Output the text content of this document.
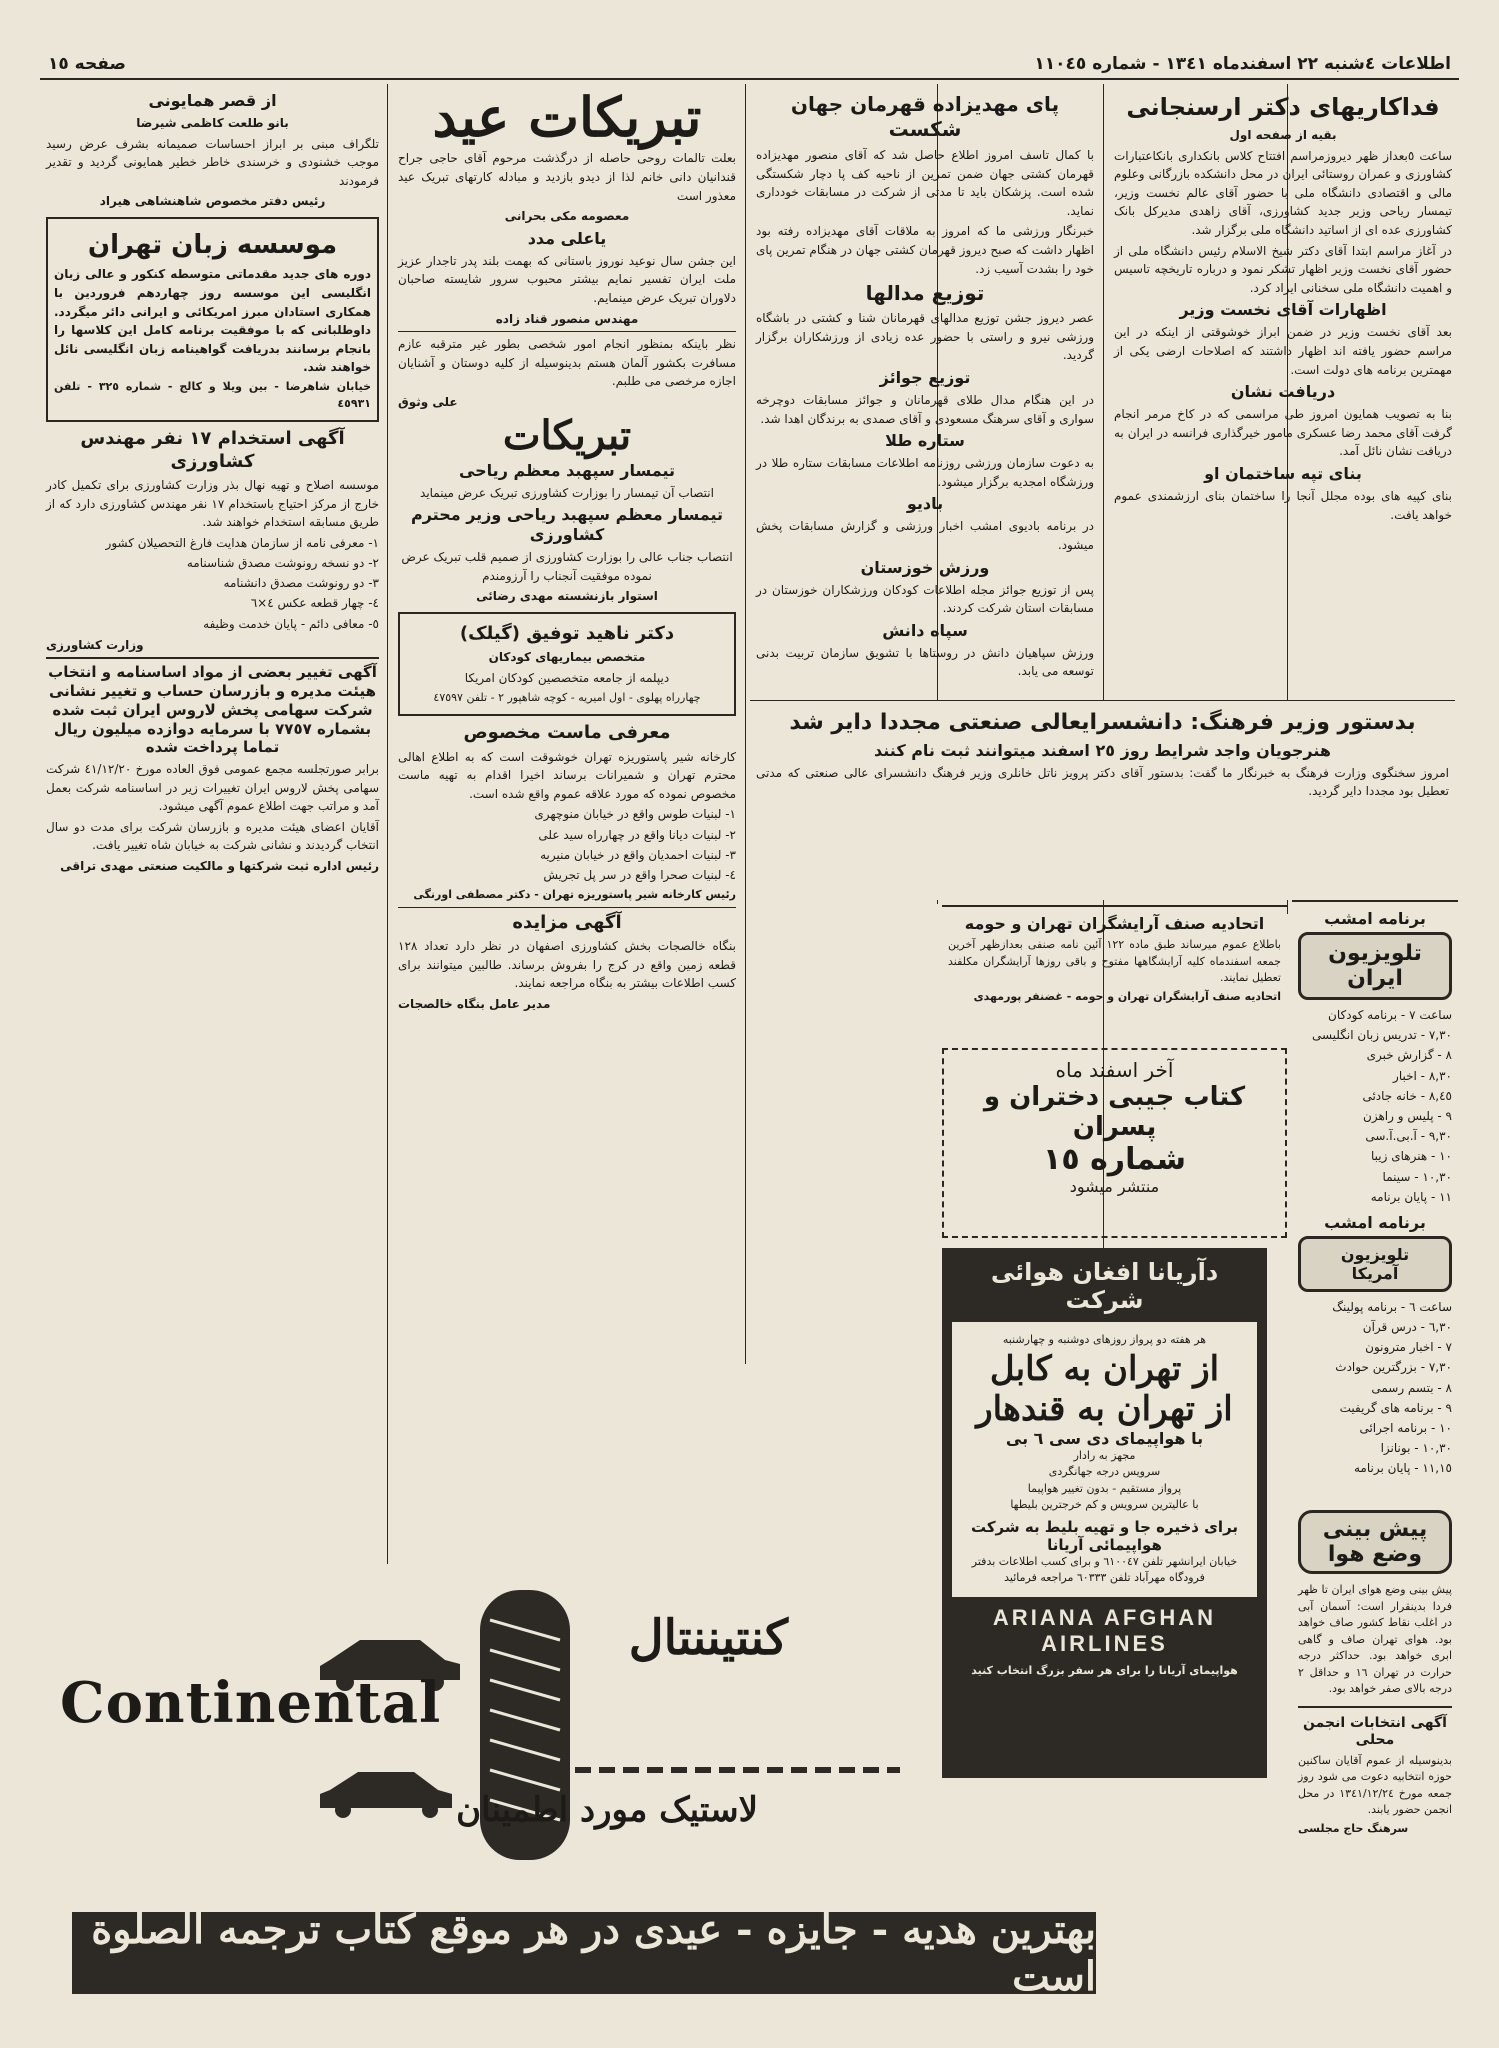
اطلاعات ٤شنبه ٢٢ اسفندماه ١٣٤١ - شماره ١١٠٤٥
صفحه ١٥
فداکاریهای دکتر ارسنجانی

بقیه از صفحه اول

ساعت ٥بعداز ظهر دیروزمراسم افتتاح کلاس بانکداری بانکاعتبارات کشاورزی و عمران روستائی ایران در محل دانشکده بازرگانی وعلوم مالی و اقتصادی دانشگاه ملی با حضور آقای عالم نخست وزیر، تیمسار ریاحی وزیر جدید کشاورزی، آقای زاهدی مدیرکل بانک کشاورزی عده ای از اساتید دانشگاه ملی برگزار شد.

در آغاز مراسم ابتدا آقای دکتر شیخ الاسلام رئیس دانشگاه ملی از حضور آقای نخست وزیر اظهار تشکر نمود و درباره تاریخچه تاسیس و اهمیت دانشگاه ملی سخنانی ایراد کرد.

اظهارات آقای نخست وزیر

بعد آقای نخست وزیر در ضمن ابراز خوشوقتی از اینکه در این مراسم حضور یافته اند اظهار داشتند که اصلاحات ارضی یکی از مهمترین برنامه های دولت است.

دریافت نشان

بنا به تصویب همایون امروز طی مراسمی که در کاخ مرمر انجام گرفت آقای محمد رضا عسکری مامور خیرگذاری فرانسه در ایران به دریافت نشان نائل آمد.

بنای تپه ساختمان او

بنای کپیه های بوده مجلل آنجا را ساختمان بنای ارزشمندی عموم خواهد یافت.

برنامه امشب
تلویزیون ایران
ساعت ٧ - برنامه کودکان
٧,٣٠ - تدریس زبان انگلیسی
٨ - گزارش خبری
٨,٣٠ - اخبار
٨,٤٥ - خانه جادئی
٩ - پلیس و راهزن
٩,٣٠ - آ.بی.آ.سی
١٠ - هنرهای زیبا
١٠,٣٠ - سینما
١١ - پایان برنامه
برنامه امشب
تلویزیون آمریکا
ساعت ٦ - برنامه پولینگ
٦,٣٠ - درس قرآن
٧ - اخبار مترونون
٧,٣٠ - بزرگترین حوادث
٨ - بتسم رسمی
٩ - برنامه های گریفیت
١٠ - برنامه اجرائی
١٠,٣٠ - بونانزا
١١,١٥ - پایان برنامه
پیش بینی وضع هوا

پیش بینی وضع هوای ایران تا ظهر فردا بدینقرار است: آسمان آبی در اغلب نقاط کشور صاف خواهد بود. هوای تهران صاف و گاهی ابری خواهد بود. حداکثر درجه حرارت در تهران ١٦ و حداقل ٢ درجه بالای صفر خواهد بود.

آگهی انتخابات انجمن محلی

بدینوسیله از عموم آقایان ساکنین حوزه انتخابیه دعوت می شود روز جمعه مورخ ١٣٤١/١٢/٢٤ در محل انجمن حضور یابند.

سرهنگ حاج مجلسی

پای مهدیزاده قهرمان جهان شکست

با کمال تاسف امروز اطلاع حاصل شد که آقای منصور مهدیزاده قهرمان کشتی جهان ضمن تمرین از ناحیه کف پا دچار شکستگی شده است. پزشکان باید تا مدتی از شرکت در مسابقات خودداری نماید.

خبرنگار ورزشی ما که امروز به ملاقات آقای مهدیزاده رفته بود اظهار داشت که صبح دیروز قهرمان کشتی جهان در هنگام تمرین پای خود را بشدت آسیب زد.

توزیع مدالها

عصر دیروز جشن توزیع مدالهای قهرمانان شنا و کشتی در باشگاه ورزشی نیرو و راستی با حضور عده زیادی از ورزشکاران برگزار گردید.

توزیع جوائز

در این هنگام مدال طلای قهرمانان و جوائز مسابقات دوچرخه سواری و آقای سرهنگ مسعودی و آقای صمدی به برندگان اهدا شد.

ستاره طلا

به دعوت سازمان ورزشی روزنامه اطلاعات مسابقات ستاره طلا در ورزشگاه امجدیه برگزار میشود.

باديو

در برنامه باديوی امشب اخبار ورزشی و گزارش مسابقات پخش میشود.

ورزش خوزستان

پس از توزیع جوائز مجله اطلاعات کودکان ورزشکاران خوزستان در مسابقات استان شرکت کردند.

سپاه دانش

ورزش سپاهیان دانش در روستاها با تشویق سازمان تربیت بدنی توسعه می یابد.

بدستور وزیر فرهنگ: دانشسرایعالی صنعتی مجددا دایر شد
هنرجویان واجد شرایط روز ٢٥ اسفند میتوانند ثبت نام کنند

امروز سخنگوی وزارت فرهنگ به خبرنگار ما گفت: بدستور آقای دکتر پرویز ناتل خانلری وزیر فرهنگ دانشسرای عالی صنعتی که مدتی تعطیل بود مجددا دایر گردید.

اتحادیه صنف آرایشگران تهران و حومه

باطلاع عموم میرساند طبق ماده ١٢٢ آئین نامه صنفی بعدازظهر آخرین جمعه اسفندماه کلیه آرایشگاهها مفتوح و باقی روزها آرایشگران مکلفند تعطیل نمایند.

اتحادیه صنف آرایشگران تهران و حومه - غضنفر پورمهدی

آخر اسفند ماه
کتاب جیبی دختران و پسران
شماره ١٥
منتشر میشود
تبریکات عید

بعلت تالمات روحی حاصله از درگذشت مرحوم آقای حاجی جراح قندانیان دانی خانم لذا از دیدو بازدید و مبادله کارتهای تبریک عید معذور است

معصومه مکی بحرانی

یاعلی مدد

این جشن سال نوعید نوروز باستانی که بهمت بلند پدر تاجدار عزیز ملت ایران تفسیر نمایم بیشتر محبوب سرور شایسته صاحبان دلاوران تبریک عرض مینمایم.

مهندس منصور قناد زاده

نظر باینکه بمنظور انجام امور شخصی بطور غیر مترقبه عازم مسافرت بکشور آلمان هستم بدینوسیله از کلیه دوستان و آشنایان اجازه مرخصی می طلبم.

علی وثوق

تبریکات
تیمسار سپهبد معظم ریاحی

انتصاب آن تیمسار را بوزارت کشاورزی تبریک عرض مینماید

تیمسار معظم سپهبد ریاحی وزیر محترم کشاورزی

انتصاب جناب عالی را بوزارت کشاورزی از صمیم قلب تبریک عرض نموده موفقیت آنجناب را آرزومندم

استوار بازنشسته مهدی رضائی

دکتر ناهید توفیق (گیلک)

متخصص بیماریهای کودکان

دیپلمه از جامعه متخصصین کودکان امریکا

چهارراه پهلوی - اول امیریه - کوچه شاهپور ٢ - تلفن ٤٧٥٩٧

معرفی ماست مخصوص

کارخانه شیر پاستوریزه تهران خوشوقت است که به اطلاع اهالی محترم تهران و شمیرانات برساند اخیرا اقدام به تهیه ماست مخصوص نموده که مورد علاقه عموم واقع شده است.

١- لبنیات طوس واقع در خیابان منوچهری
٢- لبنیات دیانا واقع در چهارراه سید علی
٣- لبنیات احمدیان واقع در خیابان منیریه
٤- لبنیات صحرا واقع در سر پل تجریش

رئیس کارخانه شیر پاستوریزه تهران - دکتر مصطفی اورنگی

آگهی مزایده

بنگاه خالصجات بخش کشاورزی اصفهان در نظر دارد تعداد ١٢٨ قطعه زمین واقع در کرج را بفروش برساند. طالبین میتوانند برای کسب اطلاعات بیشتر به بنگاه مراجعه نمایند.

مدیر عامل بنگاه خالصجات

از قصر همایونی

بانو طلعت کاظمی شیرضا

تلگراف مبنی بر ابراز احساسات صمیمانه بشرف عرض رسید موجب خشنودی و خرسندی خاطر خطیر همایونی گردید و تقدیر فرمودند

رئیس دفتر مخصوص شاهنشاهی هیراد

موسسه زبان تهران

دوره های جدید مقدماتی متوسطه کنکور و عالی زبان انگلیسی این موسسه روز چهاردهم فروردین با همکاری استادان مبرز امریکائی و ایرانی دائر میگردد. داوطلبانی که با موفقیت برنامه کامل این کلاسها را بانجام برسانند بدریافت گواهینامه زبان انگلیسی نائل خواهند شد.

خیابان شاهرضا - بین ویلا و کالج - شماره ٣٢٥ - تلفن ٤٥٩٣١

آگهی استخدام ١٧ نفر مهندس کشاورزی

موسسه اصلاح و تهیه نهال بذر وزارت کشاورزی برای تکمیل کادر خارج از مرکز احتیاج باستخدام ١٧ نفر مهندس کشاورزی دارد که از طریق مسابقه استخدام خواهند شد.

١- معرفی نامه از سازمان هدایت فارغ التحصیلان کشور
٢- دو نسخه رونوشت مصدق شناسنامه
٣- دو رونوشت مصدق دانشنامه
٤- چهار قطعه عکس ٤×٦
٥- معافی دائم - پایان خدمت وظیفه

وزارت کشاورزی

آگهی تغییر بعضی از مواد اساسنامه و انتخاب هیئت مدیره و بازرسان حساب و تغییر نشانی شرکت سهامی پخش لاروس ایران ثبت شده بشماره ٧٧٥٧ با سرمایه دوازده میلیون ریال تماما پرداخت شده

برابر صورتجلسه مجمع عمومی فوق العاده مورخ ٤١/١٢/٢٠ شرکت سهامی پخش لاروس ایران تغییرات زیر در اساسنامه شرکت بعمل آمد و مراتب جهت اطلاع عموم آگهی میشود.

آقایان اعضای هیئت مدیره و بازرسان شرکت برای مدت دو سال انتخاب گردیدند و نشانی شرکت به خیابان شاه تغییر یافت.

رئیس اداره ثبت شرکتها و مالکیت صنعتی مهدی تراقی

دآریانا افغان هوائی شرکت
هر هفته دو پرواز روزهای دوشنبه و چهارشنبه
از تهران به کابل
از تهران به قندهار
با هواپیمای دی سی ٦ بی
مجهز به رادار
سرویس درجه جهانگردی
پرواز مستقیم - بدون تغییر هواپیما
با عالیترین سرویس و کم خرجترین بلیطها
برای ذخیره جا و تهیه بلیط به شرکت هواپیمائی آریانا
خیابان ایرانشهر تلفن ٦١٠٠٤٧ و برای کسب اطلاعات بدفتر فرودگاه مهرآباد تلفن ٦٠٣٣٣ مراجعه فرمائید
ARIANA AFGHAN
AIRLINES
هواپیمای آریانا را برای هر سفر بزرگ انتخاب کنید
Continental
کنتیننتال
لاستیک مورد اطمینان
بهترین هدیه - جایزه - عیدی در هر موقع کتاب ترجمه الصلوة است
